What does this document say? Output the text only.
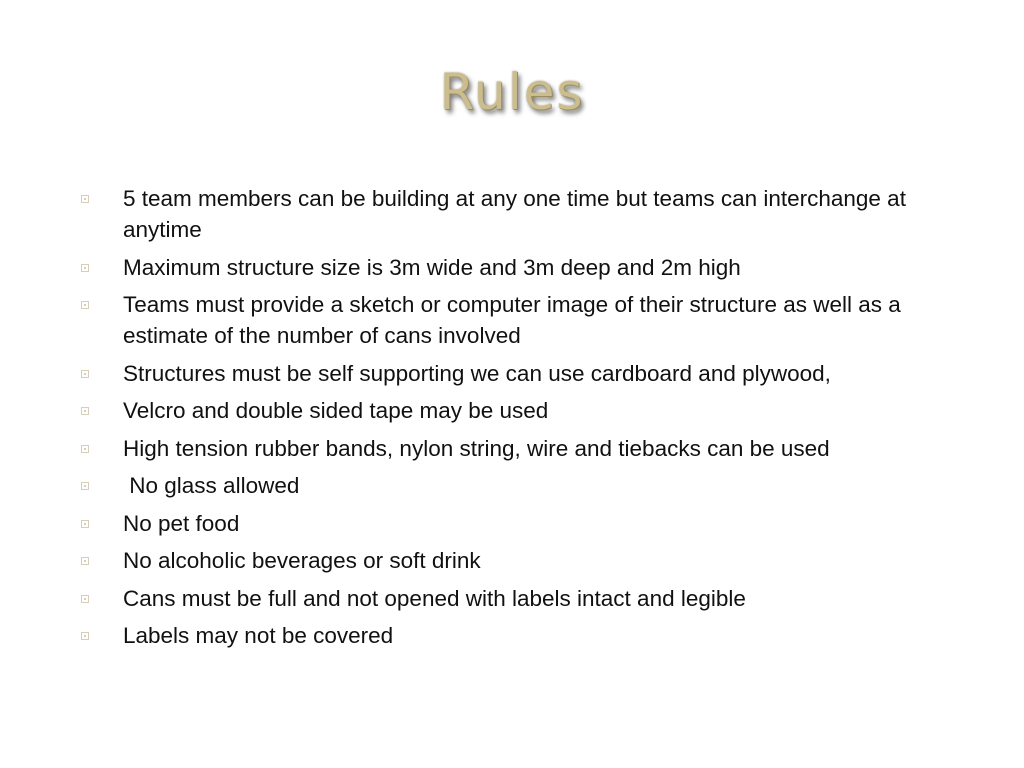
Rules
5 team members can be building at any one time but teams can interchange at anytime
Maximum structure size is 3m wide and 3m deep and 2m high
Teams must provide a sketch or computer image of their structure as well as a estimate of the number of cans involved
Structures must be self supporting we can use cardboard and plywood,
Velcro and double sided tape may be used
High tension rubber bands, nylon string, wire and tiebacks can be used
No glass allowed
No pet food
No alcoholic beverages or soft drink
Cans must be full and not opened with labels intact and legible
Labels may not be covered
